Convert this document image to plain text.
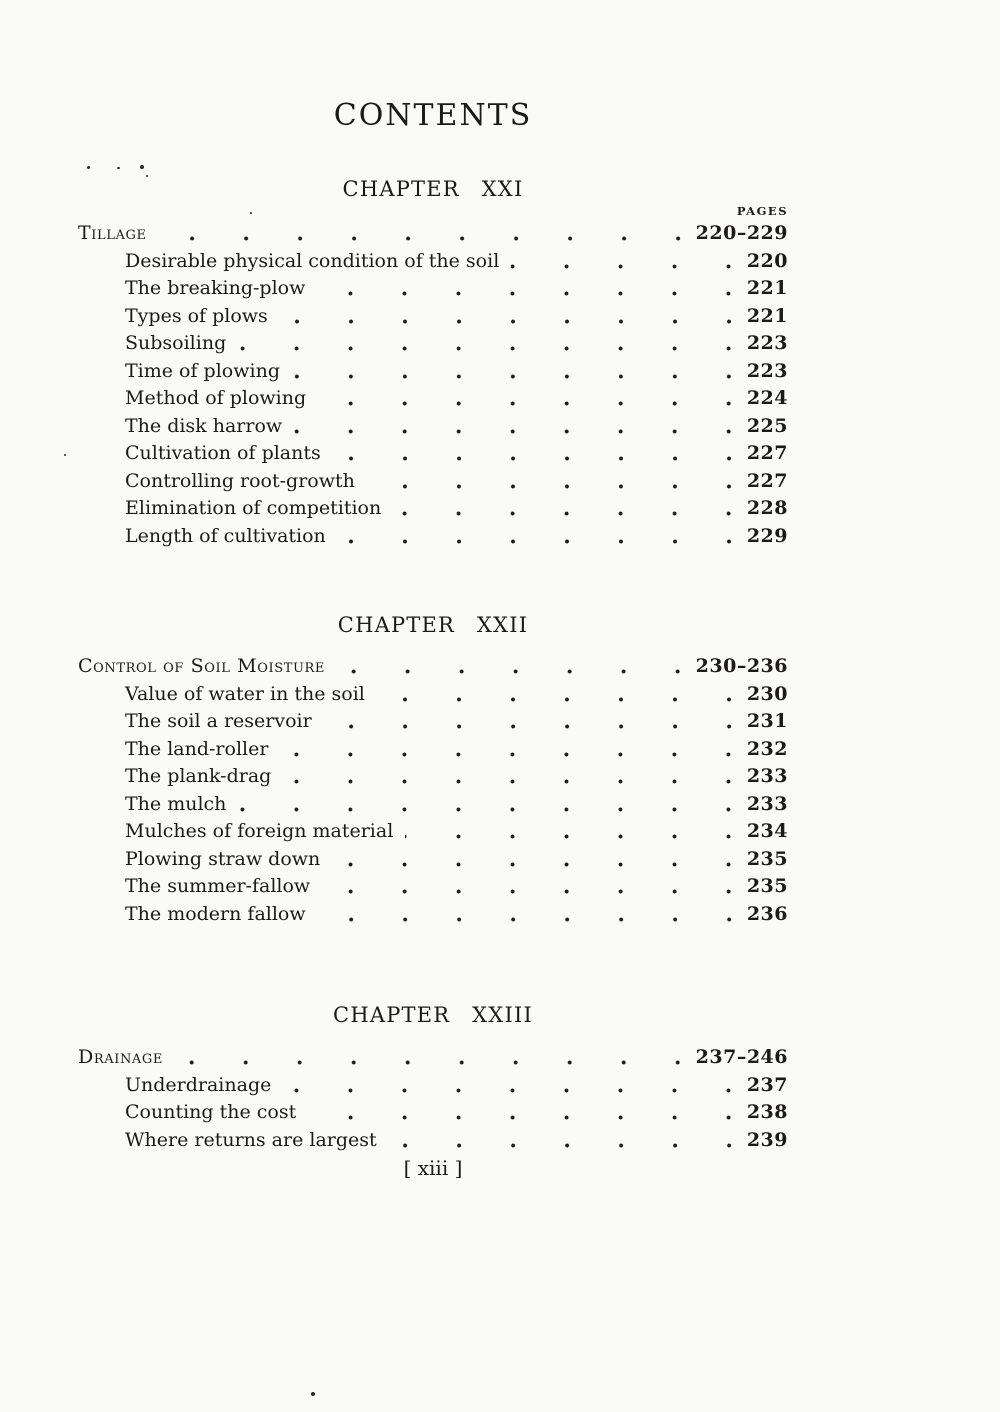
CONTENTS
CHAPTER XXI
PAGES
Tillage	220–229
Desirable physical condition of the soil	220
The breaking-plow	221
Types of plows	221
Subsoiling	223
Time of plowing	223
Method of plowing	224
The disk harrow	225
Cultivation of plants	227
Controlling root-growth	227
Elimination of competition	228
Length of cultivation	229
CHAPTER XXII
Control of Soil Moisture	230–236
Value of water in the soil	230
The soil a reservoir	231
The land-roller	232
The plank-drag	233
The mulch	233
Mulches of foreign material	234
Plowing straw down	235
The summer-fallow	235
The modern fallow	236
CHAPTER XXIII
Drainage	237–246
Underdrainage	237
Counting the cost	238
Where returns are largest	239
[ xiii ]
